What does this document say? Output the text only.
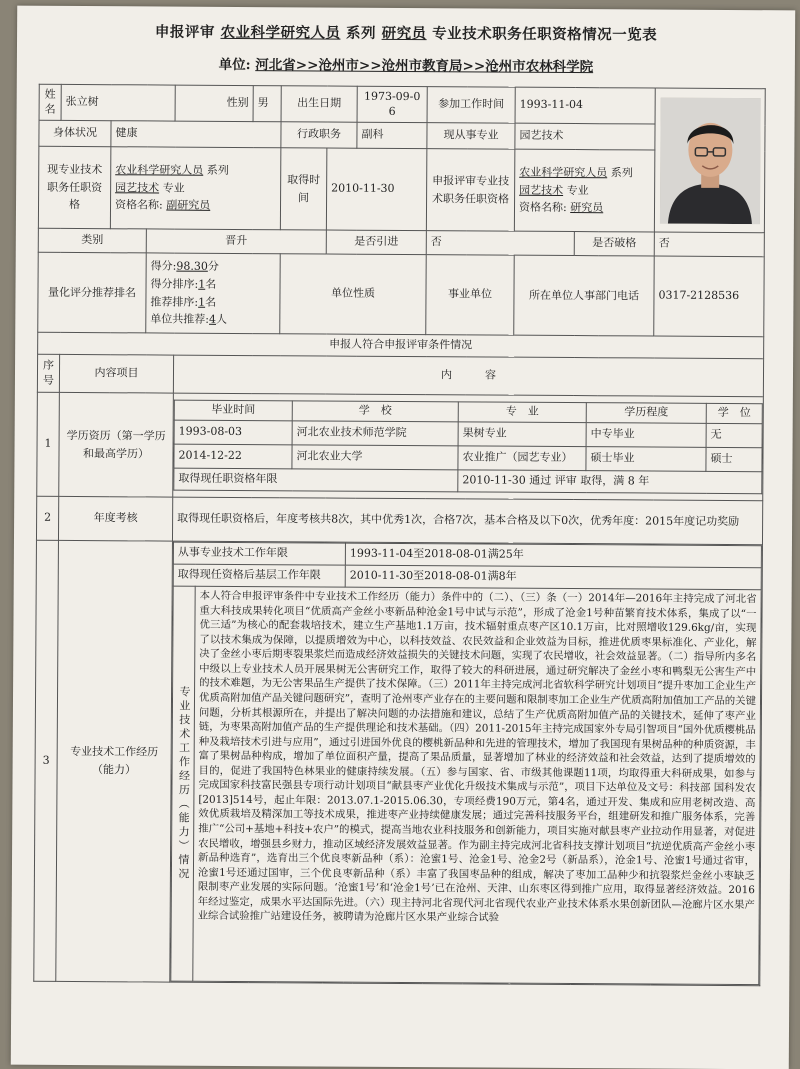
申报评审 农业科学研究人员 系列 研究员 专业技术职务任职资格情况一览表
单位: 河北省>>沧州市>>沧州市教育局>>沧州市农林科学院
姓名	张立树	性别	男	出生日期	1973-09-06	参加工作时间	1993-11-04	

身体状况	健康	行政职务	副科	现从事专业	园艺技术
现专业技术职务任职资格	农业科学研究人员 系列
园艺技术 专业
资格名称: 副研究员	取得时间	2010-11-30	申报评审专业技术职务任职资格	农业科学研究人员 系列
园艺技术 专业
资格名称: 研究员
类别	晋升	是否引进	否	是否破格	否
量化评分推荐排名	
得分:98.30分
得分排序:1名
推荐排序:1名
单位共推荐:4人
	单位性质	事业单位	所在单位人事部门电话	0317-2128536
申报人符合申报评审条件情况
序号	内容项目	内　　　容
1	学历资历（第一学历和最高学历）	
毕业时间	学　校	专　业	学历程度	学　位
1993-08-03	河北农业技术师范学院	果树专业	中专毕业	无
2014-12-22	河北农业大学	农业推广（园艺专业）	硕士毕业	硕士
取得现任职资格年限	2010-11-30 通过 评审 取得，满 8 年

2	年度考核	取得现任职资格后，年度考核共8次，其中优秀1次，合格7次，基本合格及以下0次，优秀年度：2015年度记功奖励
3	专业技术工作经历（能力）	
从事专业技术工作年限	1993-11-04至2018-08-01满25年
取得现任资格后基层工作年限	2010-11-30至2018-08-01满8年

专业技术工作经历（能力）情况
	本人符合申报评审条件中专业技术工作经历（能力）条件中的（二）、（三）条（一）2014年—2016年主持完成了河北省重大科技成果转化项目“优质高产金丝小枣新品种沧金1号中试与示范”，形成了沧金1号种苗繁育技术体系，集成了以“一优三适”为核心的配套栽培技术，建立生产基地1.1万亩，技术辐射重点枣产区10.1万亩，比对照增收129.6kg/亩，实现了以技术集成为保障，以提质增效为中心，以科技效益、农民效益和企业效益为目标，推进优质枣果标准化、产业化，解决了金丝小枣后期枣裂果浆烂而造成经济效益损失的关键技术问题，实现了农民增收，社会效益显著。（二）指导所内多名中级以上专业技术人员开展果树无公害研究工作，取得了较大的科研进展，通过研究解决了金丝小枣和鸭梨无公害生产中的技术难题，为无公害果品生产提供了技术保障。（三）2011年主持完成河北省软科学研究计划项目“提升枣加工企业生产优质高附加值产品关键问题研究”，查明了沧州枣产业存在的主要问题和限制枣加工企业生产优质高附加值加工产品的关键问题，分析其根源所在，并提出了解决问题的办法措施和建议，总结了生产优质高附加值产品的关键技术，延伸了枣产业链，为枣果高附加值产品的生产提供理论和技术基础。（四）2011-2015年主持完成国家外专局引智项目“国外优质樱桃品种及栽培技术引进与应用”，通过引进国外优良的樱桃新品种和先进的管理技术，增加了我国现有果树品种的种质资源，丰富了果树品种构成，增加了单位面积产量，提高了果品质量，显著增加了林业的经济效益和社会效益，达到了提质增效的目的，促进了我国特色林果业的健康持续发展。（五）参与国家、省、市级其他课题11项，均取得重大科研成果，如参与完成国家科技富民强县专项行动计划项目“献县枣产业优化升级技术集成与示范”，项目下达单位及文号：科技部 国科发农[2013]514号，起止年限：2013.07.1-2015.06.30，专项经费190万元，第4名，通过开发、集成和应用老树改造、高效优质栽培及精深加工等技术成果，推进枣产业持续健康发展；通过完善科技服务平台，组建研发和推广服务体系，完善推广“公司+基地+科技+农户”的模式，提高当地农业科技服务和创新能力，项目实施对献县枣产业拉动作用显著，对促进农民增收，增强县乡财力，推动区域经济发展效益显著。作为副主持完成河北省科技支撑计划项目“抗逆优质高产金丝小枣新品种选育”，选育出三个优良枣新品种（系）：沧蜜1号、沧金1号、沧金2号（新品系），沧金1号、沧蜜1号通过省审，沧蜜1号还通过国审，三个优良枣新品种（系）丰富了我国枣品种的组成，解决了枣加工品种少和抗裂浆烂金丝小枣缺乏限制枣产业发展的实际问题。‘沧蜜1号’和‘沧金1号’已在沧州、天津、山东枣区得到推广应用，取得显著经济效益。2016年经过鉴定，成果水平达国际先进。（六）现主持河北省现代河北省现代农业产业技术体系水果创新团队—沧廊片区水果产业综合试验推广站建设任务，被聘请为沧廊片区水果产业综合试验
